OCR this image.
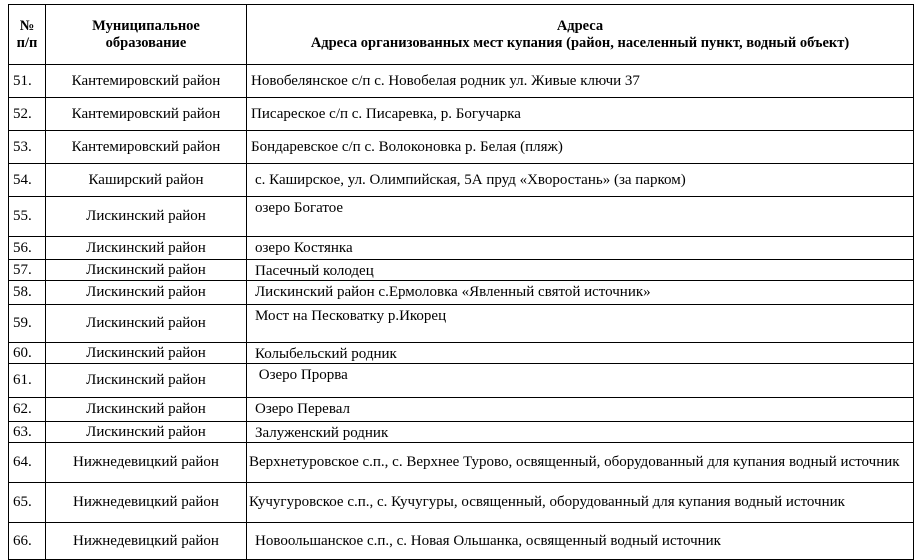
№ п/п	Муниципальное образование	Адреса
Адреса организованных мест купания (район, населенный пункт, водный объект)

51.	Кантемировский район	Новобелянское с/п с. Новобелая родник ул. Живые ключи 37
52.	Кантемировский район	Писареское с/п с. Писаревка, р. Богучарка
53.	Кантемировский район	Бондаревское с/п с. Волоконовка р. Белая (пляж)
54.	Каширский район	с. Каширское, ул. Олимпийская, 5А пруд «Хворостань» (за парком)
55.	Лискинский район	озеро Богатое
56.	Лискинский район	озеро Костянка
57.	Лискинский район	Пасечный колодец
58.	Лискинский район	Лискинский район с.Ермоловка «Явленный святой источник»
59.	Лискинский район	Мост на Песковатку р.Икорец
60.	Лискинский район	Колыбельский родник
61.	Лискинский район	Озеро Прорва
62.	Лискинский район	Озеро Перевал
63.	Лискинский район	Залуженский родник
64.	Нижнедевицкий район	Верхнетуровское с.п., с. Верхнее Турово, освященный, оборудованный для купания водный источник
65.	Нижнедевицкий район	Кучугуровское с.п., с. Кучугуры, освященный, оборудованный для купания водный источник
66.	Нижнедевицкий район	Новоольшанское с.п., с. Новая Ольшанка, освященный водный источник
